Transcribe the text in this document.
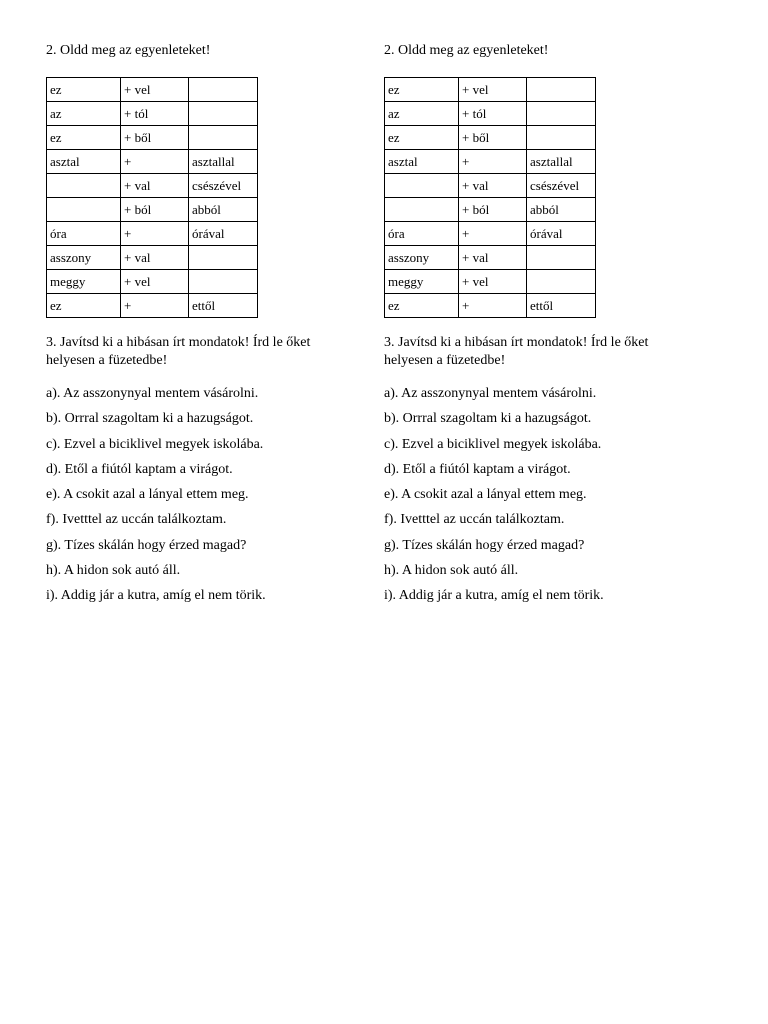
2. Oldd meg az egyenleteket!
ez	+ vel	
az	+ tól	
ez	+ ből	
asztal	+	asztallal
	+ val	csészével
	+ ból	abból
óra	+	órával
asszony	+ val	
meggy	+ vel	
ez	+	ettől
3. Javítsd ki a hibásan írt mondatok! Írd le őket helyesen a füzetedbe!
a). Az asszonynyal mentem vásárolni.
b). Orrral szagoltam ki a hazugságot.
c). Ezvel a biciklivel megyek iskolába.
d). Etől a fiútól kaptam a virágot.
e). A csokit azal a lányal ettem meg.
f). Ivetttel az uccán találkoztam.
g). Tízes skálán hogy érzed magad?
h). A hidon sok autó áll.
i). Addig jár a kutra, amíg el nem törik.
2. Oldd meg az egyenleteket!
ez	+ vel	
az	+ tól	
ez	+ ből	
asztal	+	asztallal
	+ val	csészével
	+ ból	abból
óra	+	órával
asszony	+ val	
meggy	+ vel	
ez	+	ettől
3. Javítsd ki a hibásan írt mondatok! Írd le őket helyesen a füzetedbe!
a). Az asszonynyal mentem vásárolni.
b). Orrral szagoltam ki a hazugságot.
c). Ezvel a biciklivel megyek iskolába.
d). Etől a fiútól kaptam a virágot.
e). A csokit azal a lányal ettem meg.
f). Ivetttel az uccán találkoztam.
g). Tízes skálán hogy érzed magad?
h). A hidon sok autó áll.
i). Addig jár a kutra, amíg el nem törik.
